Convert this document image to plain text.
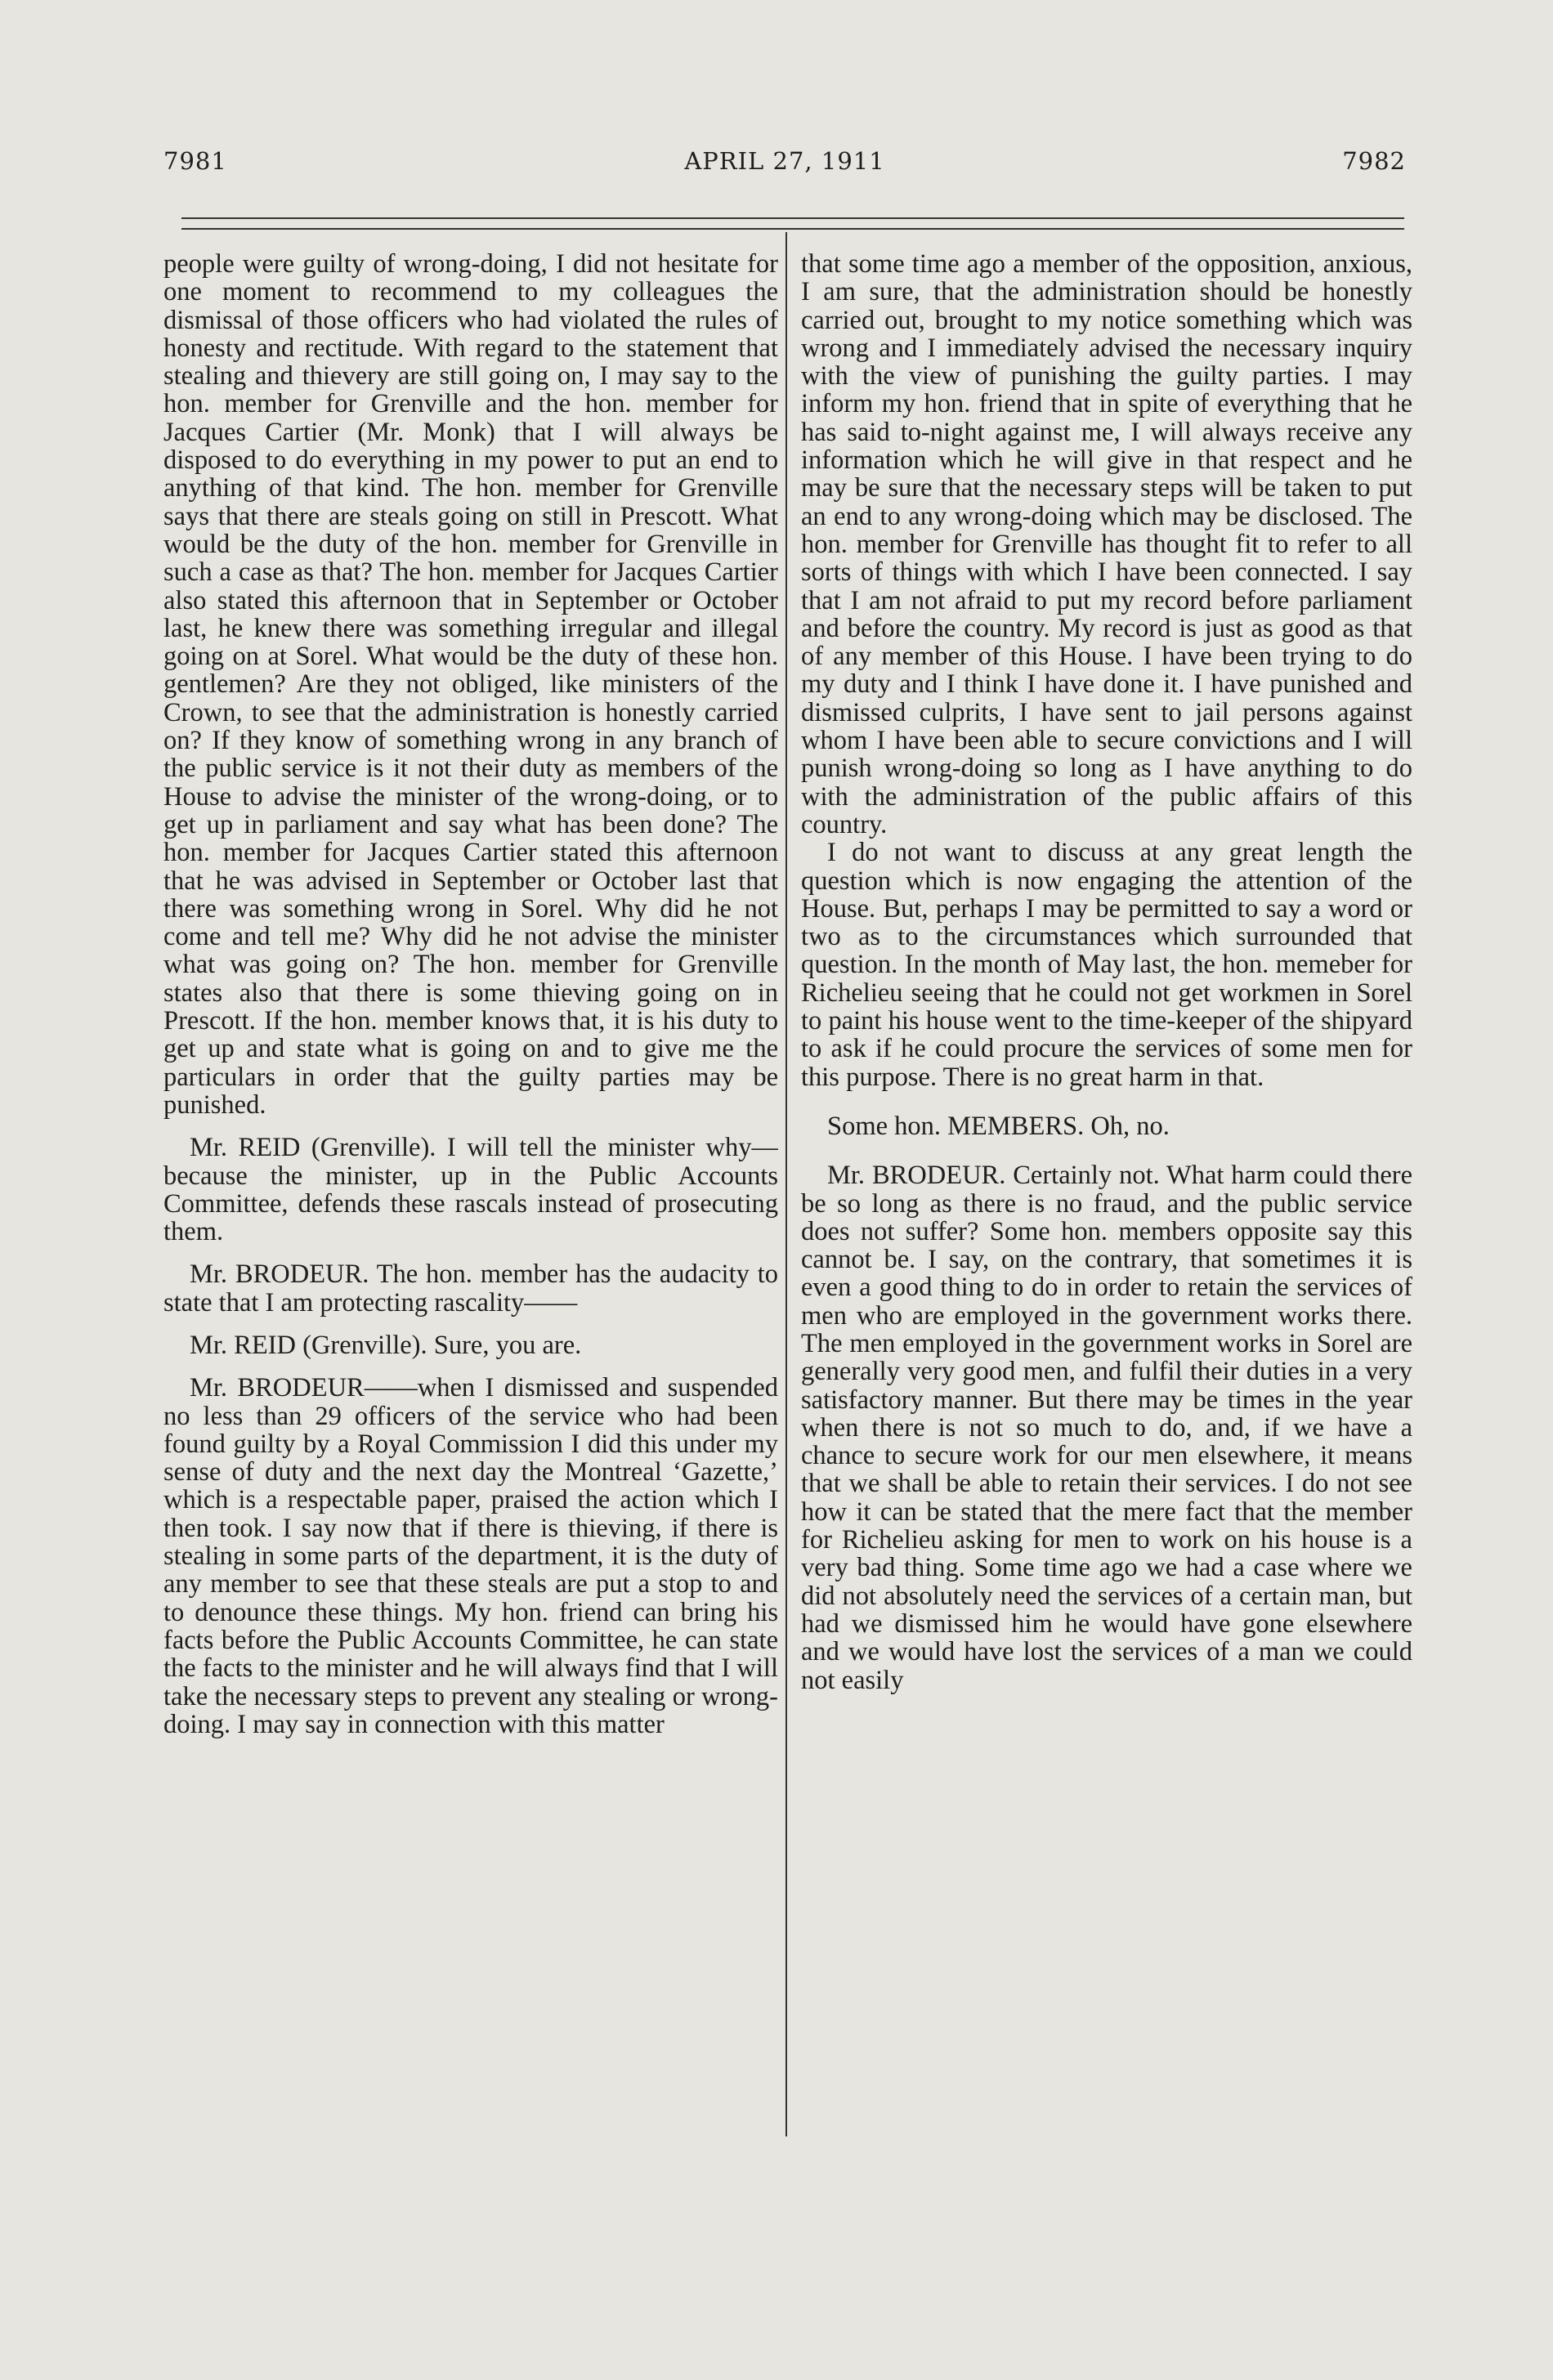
7981	APRIL 27, 1911	7982

people were guilty of wrong-doing, I did not hesitate for one moment to recommend to my colleagues the dismissal of those officers who had violated the rules of honesty and rectitude. With regard to the statement that stealing and thievery are still going on, I may say to the hon. member for Grenville and the hon. member for Jacques Cartier (Mr. Monk) that I will always be disposed to do everything in my power to put an end to anything of that kind. The hon. member for Grenville says that there are steals going on still in Prescott. What would be the duty of the hon. member for Grenville in such a case as that? The hon. member for Jacques Cartier also stated this afternoon that in September or October last, he knew there was something irregular and illegal going on at Sorel. What would be the duty of these hon. gentlemen? Are they not obliged, like ministers of the Crown, to see that the administration is honestly carried on? If they know of something wrong in any branch of the public service is it not their duty as members of the House to advise the minister of the wrong-doing, or to get up in parliament and say what has been done? The hon. member for Jacques Cartier stated this afternoon that he was advised in September or October last that there was something wrong in Sorel. Why did he not come and tell me? Why did he not advise the minister what was going on? The hon. member for Grenville states also that there is some thieving going on in Prescott. If the hon. member knows that, it is his duty to get up and state what is going on and to give me the particulars in order that the guilty parties may be punished.

Mr. REID (Grenville). I will tell the minister why—because the minister, up in the Public Accounts Committee, defends these rascals instead of prosecuting them.

Mr. BRODEUR. The hon. member has the audacity to state that I am protecting rascality——

Mr. REID (Grenville). Sure, you are.

Mr. BRODEUR——when I dismissed and suspended no less than 29 officers of the service who had been found guilty by a Royal Commission I did this under my sense of duty and the next day the Montreal ‘Gazette,’ which is a respectable paper, praised the action which I then took. I say now that if there is thieving, if there is stealing in some parts of the department, it is the duty of any member to see that these steals are put a stop to and to denounce these things. My hon. friend can bring his facts before the Public Accounts Committee, he can state the facts to the minister and he will always find that I will take the necessary steps to prevent any stealing or wrong-doing. I may say in connection with this matter

that some time ago a member of the opposition, anxious, I am sure, that the administration should be honestly carried out, brought to my notice something which was wrong and I immediately advised the necessary inquiry with the view of punishing the guilty parties. I may inform my hon. friend that in spite of everything that he has said to-night against me, I will always receive any information which he will give in that respect and he may be sure that the necessary steps will be taken to put an end to any wrong-doing which may be disclosed. The hon. member for Grenville has thought fit to refer to all sorts of things with which I have been connected. I say that I am not afraid to put my record before parliament and before the country. My record is just as good as that of any member of this House. I have been trying to do my duty and I think I have done it. I have punished and dismissed culprits, I have sent to jail persons against whom I have been able to secure convictions and I will punish wrong-doing so long as I have anything to do with the administration of the public affairs of this country.

I do not want to discuss at any great length the question which is now engaging the attention of the House. But, perhaps I may be permitted to say a word or two as to the circumstances which surrounded that question. In the month of May last, the hon. memeber for Richelieu seeing that he could not get workmen in Sorel to paint his house went to the time-keeper of the shipyard to ask if he could procure the services of some men for this purpose. There is no great harm in that.

Some hon. MEMBERS. Oh, no.

Mr. BRODEUR. Certainly not. What harm could there be so long as there is no fraud, and the public service does not suffer? Some hon. members opposite say this cannot be. I say, on the contrary, that sometimes it is even a good thing to do in order to retain the services of men who are employed in the government works there. The men employed in the government works in Sorel are generally very good men, and fulfil their duties in a very satisfactory manner. But there may be times in the year when there is not so much to do, and, if we have a chance to secure work for our men elsewhere, it means that we shall be able to retain their services. I do not see how it can be stated that the mere fact that the member for Richelieu asking for men to work on his house is a very bad thing. Some time ago we had a case where we did not absolutely need the services of a certain man, but had we dismissed him he would have gone elsewhere and we would have lost the services of a man we could not easily
